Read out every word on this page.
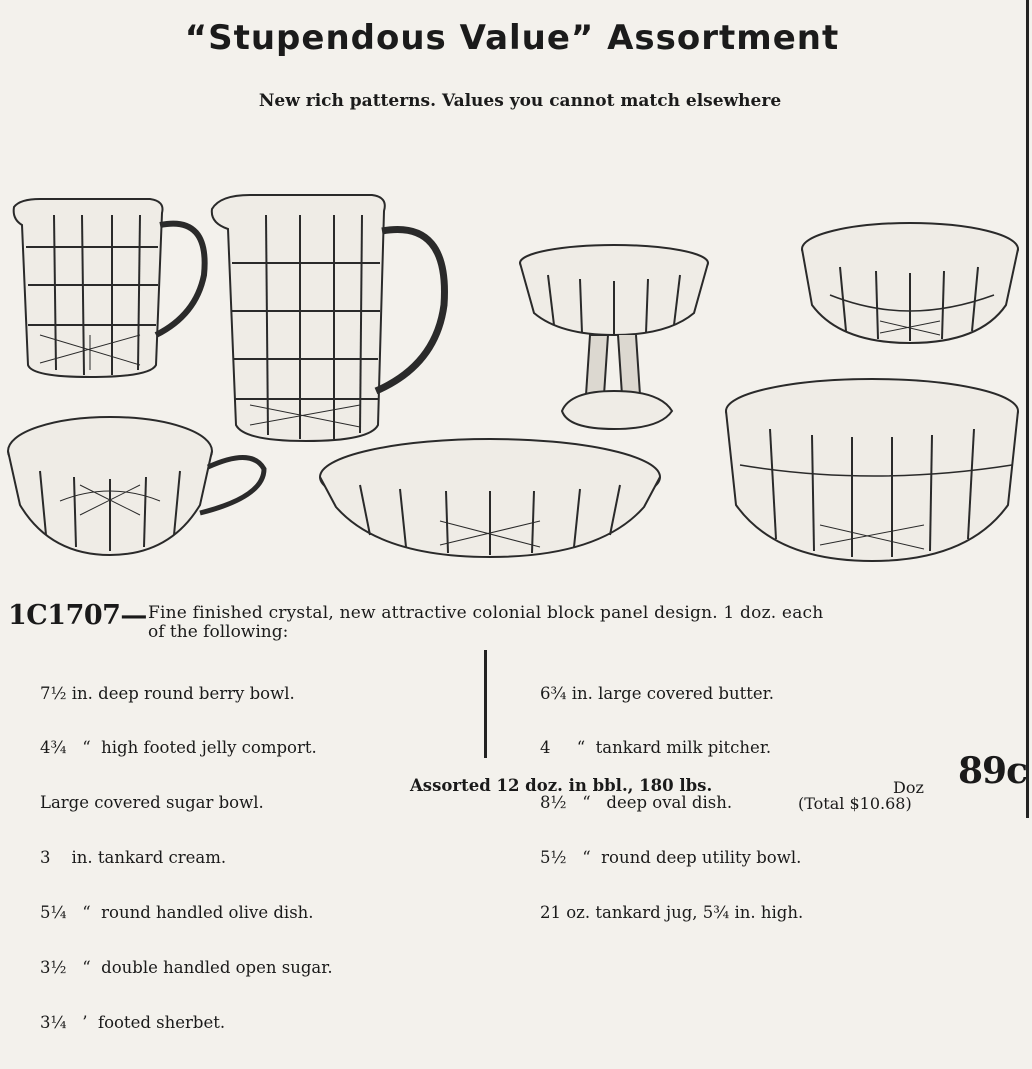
“Stupendous Value” Assortment
New rich patterns. Values you cannot match elsewhere
1C1707— Fine finished crystal, new attractive colonial block panel design. 1 doz. each
of the following:

7½ in. deep round berry bowl.

4¾   “  high footed jelly comport.

Large covered sugar bowl.

3    in. tankard cream.

5¼   “  round handled olive dish.

3½   “  double handled open sugar.

3¼   ’  footed sherbet.

6¾ in. large covered butter.

4     “  tankard milk pitcher.

8½   “   deep oval dish.

5½   “  round deep utility bowl.

21 oz. tankard jug, 5¾ in. high.

Assorted 12 doz. in bbl., 180 lbs.	Doz 89c
(Total $10.68)
